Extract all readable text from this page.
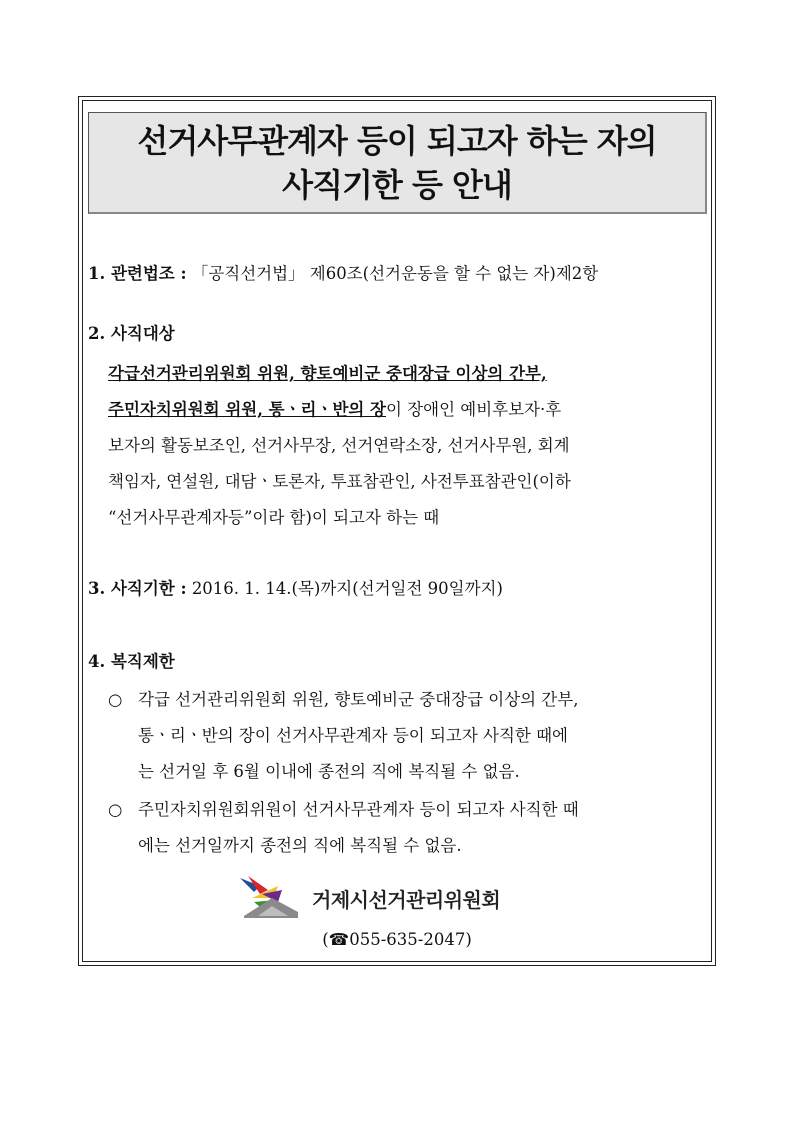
선거사무관계자 등이 되고자 하는 자의
사직기한 등 안내
1. 관련법조 : 「공직선거법」 제60조(선거운동을 할 수 없는 자)제2항
2. 사직대상
각급선거관리위원회 위원, 향토예비군 중대장급 이상의 간부,
주민자치위원회 위원, 통ㆍ리ㆍ반의 장이 장애인 예비후보자·후
보자의 활동보조인, 선거사무장, 선거연락소장, 선거사무원, 회계
책임자, 연설원, 대담ㆍ토론자, 투표참관인, 사전투표참관인(이하
“선거사무관계자등”이라 함)이 되고자 하는 때
3. 사직기한 : 2016. 1. 14.(목)까지(선거일전 90일까지)
4. 복직제한
○ 각급 선거관리위원회 위원, 향토예비군 중대장급 이상의 간부,
통ㆍ리ㆍ반의 장이 선거사무관계자 등이 되고자 사직한 때에
는 선거일 후 6월 이내에 종전의 직에 복직될 수 없음.
○ 주민자치위원회위원이 선거사무관계자 등이 되고자 사직한 때
에는 선거일까지 종전의 직에 복직될 수 없음.
거제시선거관리위원회
(☎055-635-2047)
